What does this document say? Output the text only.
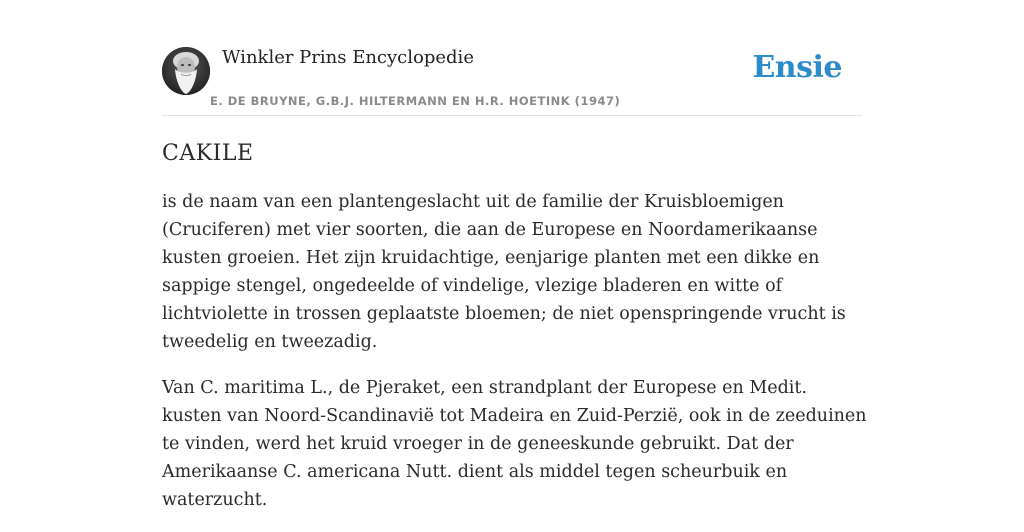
Winkler Prins Encyclopedie
E. DE BRUYNE, G.B.J. HILTERMANN EN H.R. HOETINK (1947)
Ensie
CAKILE

is de naam van een plantengeslacht uit de familie der Kruisbloemigen (Cruciferen) met vier soorten, die aan de Europese en Noordamerikaanse kusten groeien. Het zijn kruidachtige, eenjarige planten met een dikke en sappige stengel, ongedeelde of vindelige, vlezige bladeren en witte of lichtviolette in trossen geplaatste bloemen; de niet openspringende vrucht is tweedelig en tweezadig.

Van C. maritima L., de Pjeraket, een strandplant der Europese en Medit. kusten van Noord-Scandinavië tot Madeira en Zuid-Perzië, ook in de zeeduinen te vinden, werd het kruid vroeger in de geneeskunde gebruikt. Dat der Amerikaanse C. americana Nutt. dient als middel tegen scheurbuik en waterzucht.
